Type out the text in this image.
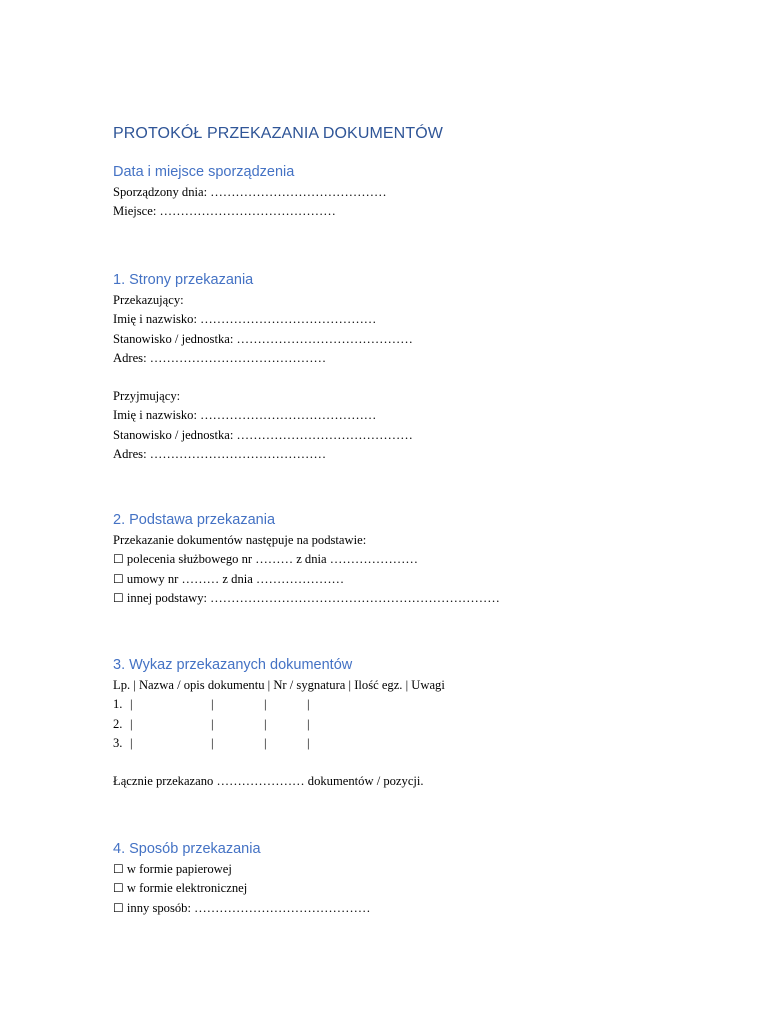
PROTOKÓŁ PRZEKAZANIA DOKUMENTÓW
Data i miejsce sporządzenia

Sporządzony dnia: ……………………………………

Miejsce: ……………………………………

1. Strony przekazania

Przekazujący:

Imię i nazwisko: ……………………………………

Stanowisko / jednostka: ……………………………………

Adres: ……………………………………

Przyjmujący:

Imię i nazwisko: ……………………………………

Stanowisko / jednostka: ……………………………………

Adres: ……………………………………

2. Podstawa przekazania

Przekazanie dokumentów następuje na podstawie:

☐ polecenia służbowego nr ……… z dnia …………………

☐ umowy nr ……… z dnia …………………

☐ innej podstawy: ……………………………………………………………

3. Wykaz przekazanych dokumentów

Lp. | Nazwa / opis dokumentu | Nr / sygnatura | Ilość egz. | Uwagi

1. |	|	|	|
2. |	|	|	|
3. |	|	|	|

Łącznie przekazano ………………… dokumentów / pozycji.

4. Sposób przekazania

☐ w formie papierowej

☐ w formie elektronicznej

☐ inny sposób: ……………………………………
